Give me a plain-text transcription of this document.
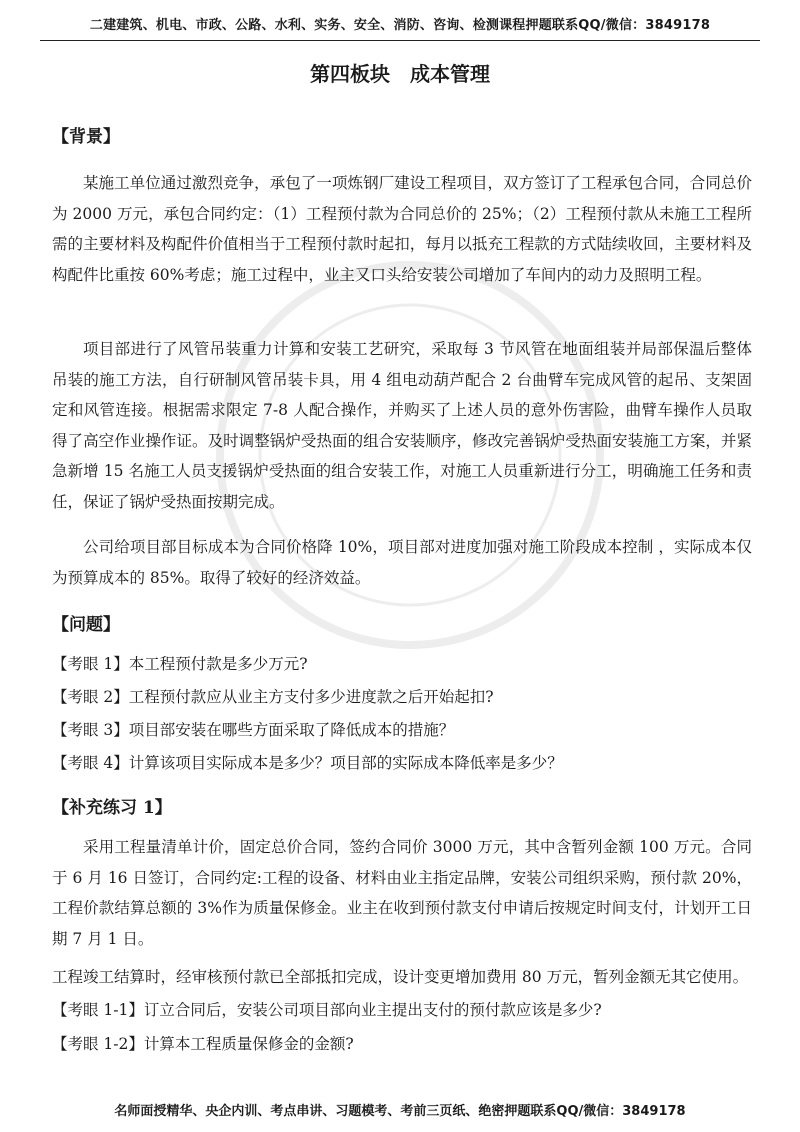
二建建筑、机电、市政、公路、水利、实务、安全、消防、咨询、检测课程押题联系QQ/微信：3849178
第四板块　成本管理
【背景】
某施工单位通过激烈竞争，承包了一项炼钢厂建设工程项目，双方签订了工程承包合同，合同总价为 2000 万元，承包合同约定：（1）工程预付款为合同总价的 25%；（2）工程预付款从未施工工程所需的主要材料及构配件价值相当于工程预付款时起扣，每月以抵充工程款的方式陆续收回，主要材料及构配件比重按 60%考虑；施工过程中，业主又口头给安装公司增加了车间内的动力及照明工程。
项目部进行了风管吊装重力计算和安装工艺研究，采取每 3 节风管在地面组装并局部保温后整体吊装的施工方法，自行研制风管吊装卡具，用 4 组电动葫芦配合 2 台曲臂车完成风管的起吊、支架固定和风管连接。根据需求限定 7-8 人配合操作，并购买了上述人员的意外伤害险，曲臂车操作人员取得了高空作业操作证。及时调整锅炉受热面的组合安装顺序，修改完善锅炉受热面安装施工方案，并紧急新增 15 名施工人员支援锅炉受热面的组合安装工作，对施工人员重新进行分工，明确施工任务和责任，保证了锅炉受热面按期完成。
公司给项目部目标成本为合同价格降 10%，项目部对进度加强对施工阶段成本控制 ，实际成本仅为预算成本的 85%。取得了较好的经济效益。
【问题】
【考眼 1】本工程预付款是多少万元?
【考眼 2】工程预付款应从业主方支付多少进度款之后开始起扣?
【考眼 3】项目部安装在哪些方面采取了降低成本的措施？
【考眼 4】计算该项目实际成本是多少？项目部的实际成本降低率是多少？
【补充练习 1】
采用工程量清单计价，固定总价合同，签约合同价 3000 万元，其中含暂列金额 100 万元。合同于 6 月 16 日签订，合同约定:工程的设备、材料由业主指定品牌，安装公司组织采购，预付款 20%，工程价款结算总额的 3%作为质量保修金。业主在收到预付款支付申请后按规定时间支付，计划开工日期 7 月 1 日。
工程竣工结算时，经审核预付款已全部抵扣完成，设计变更增加费用 80 万元，暂列金额无其它使用。
【考眼 1-1】订立合同后，安装公司项目部向业主提出支付的预付款应该是多少?
【考眼 1-2】计算本工程质量保修金的金额?
名师面授精华、央企内训、考点串讲、习题模考、考前三页纸、绝密押题联系QQ/微信：3849178
